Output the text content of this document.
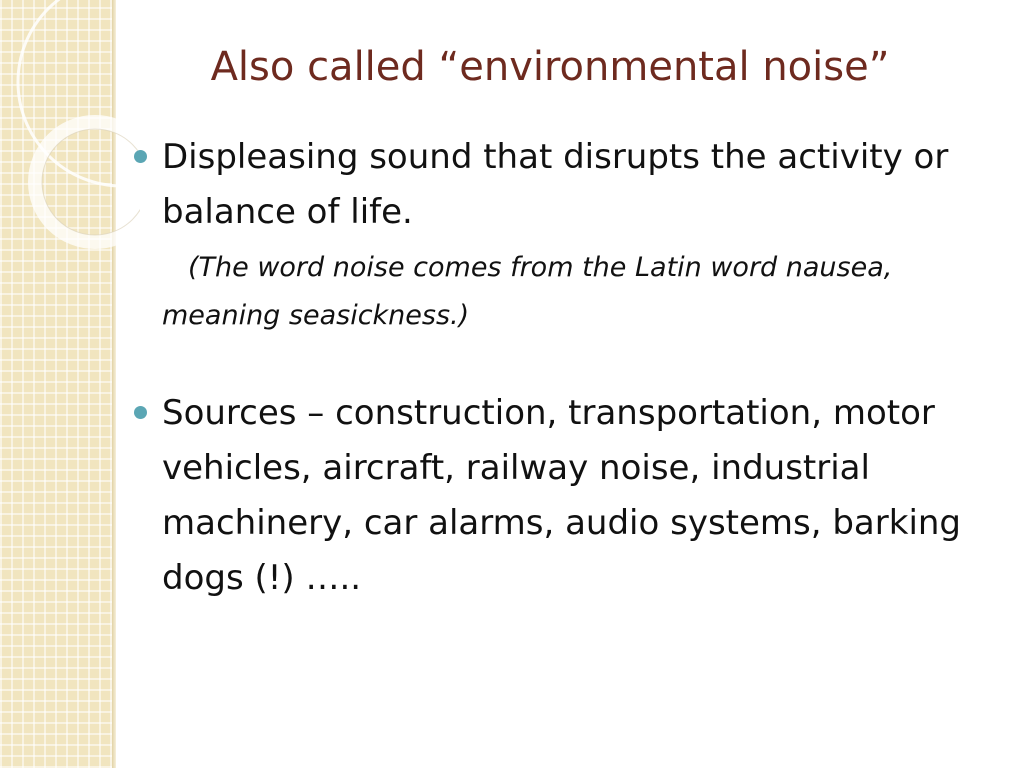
Also called “environmental noise”
Displeasing sound that disrupts the activity or balance of life.
(The word noise comes from the Latin word nausea, meaning seasickness.)
Sources – construction, transportation, motor vehicles, aircraft, railway noise, industrial machinery, car alarms, audio systems, barking dogs (!) …..
